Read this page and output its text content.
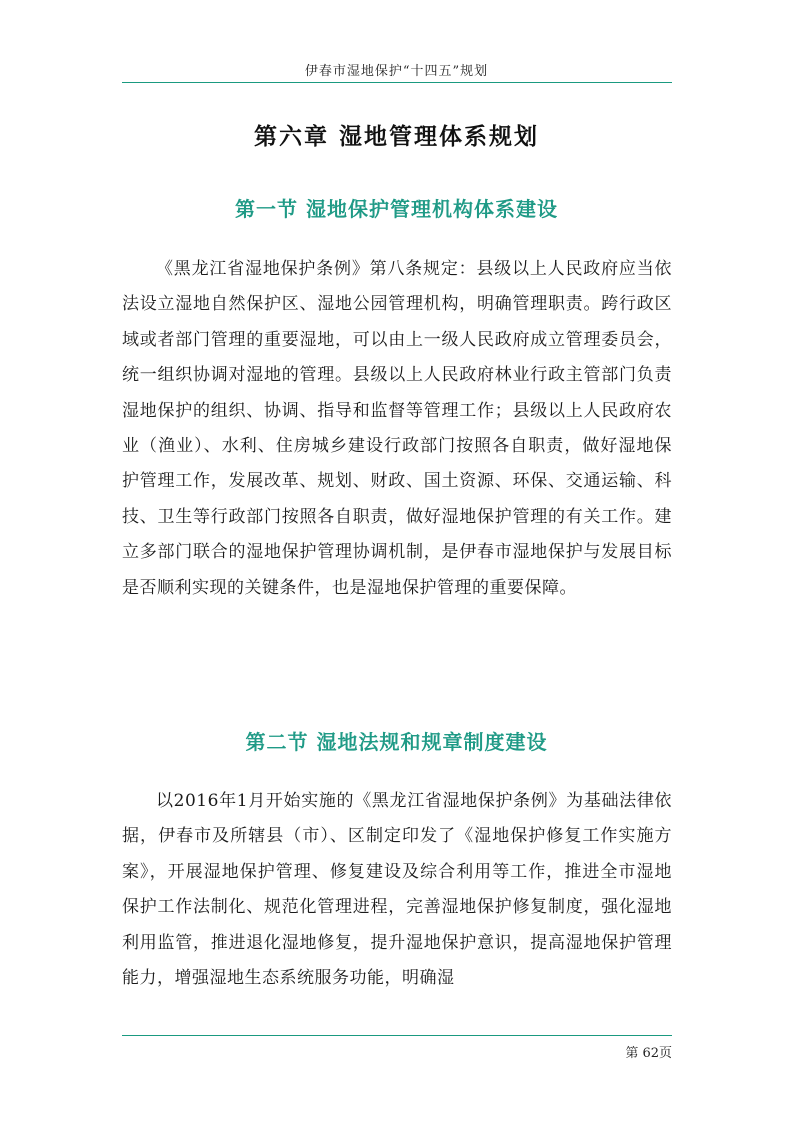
伊春市湿地保护“十四五”规划
第六章 湿地管理体系规划
第一节 湿地保护管理机构体系建设

《黑龙江省湿地保护条例》第八条规定：县级以上人民政府应当依法设立湿地自然保护区、湿地公园管理机构，明确管理职责。跨行政区域或者部门管理的重要湿地，可以由上一级人民政府成立管理委员会，统一组织协调对湿地的管理。县级以上人民政府林业行政主管部门负责湿地保护的组织、协调、指导和监督等管理工作；县级以上人民政府农业（渔业）、水利、住房城乡建设行政部门按照各自职责，做好湿地保护管理工作，发展改革、规划、财政、国土资源、环保、交通运输、科技、卫生等行政部门按照各自职责，做好湿地保护管理的有关工作。建立多部门联合的湿地保护管理协调机制，是伊春市湿地保护与发展目标是否顺利实现的关键条件，也是湿地保护管理的重要保障。

第二节 湿地法规和规章制度建设

以2016年1月开始实施的《黑龙江省湿地保护条例》为基础法律依据，伊春市及所辖县（市）、区制定印发了《湿地保护修复工作实施方案》，开展湿地保护管理、修复建设及综合利用等工作，推进全市湿地保护工作法制化、规范化管理进程，完善湿地保护修复制度，强化湿地利用监管，推进退化湿地修复，提升湿地保护意识，提高湿地保护管理能力，增强湿地生态系统服务功能，明确湿

第 62页
